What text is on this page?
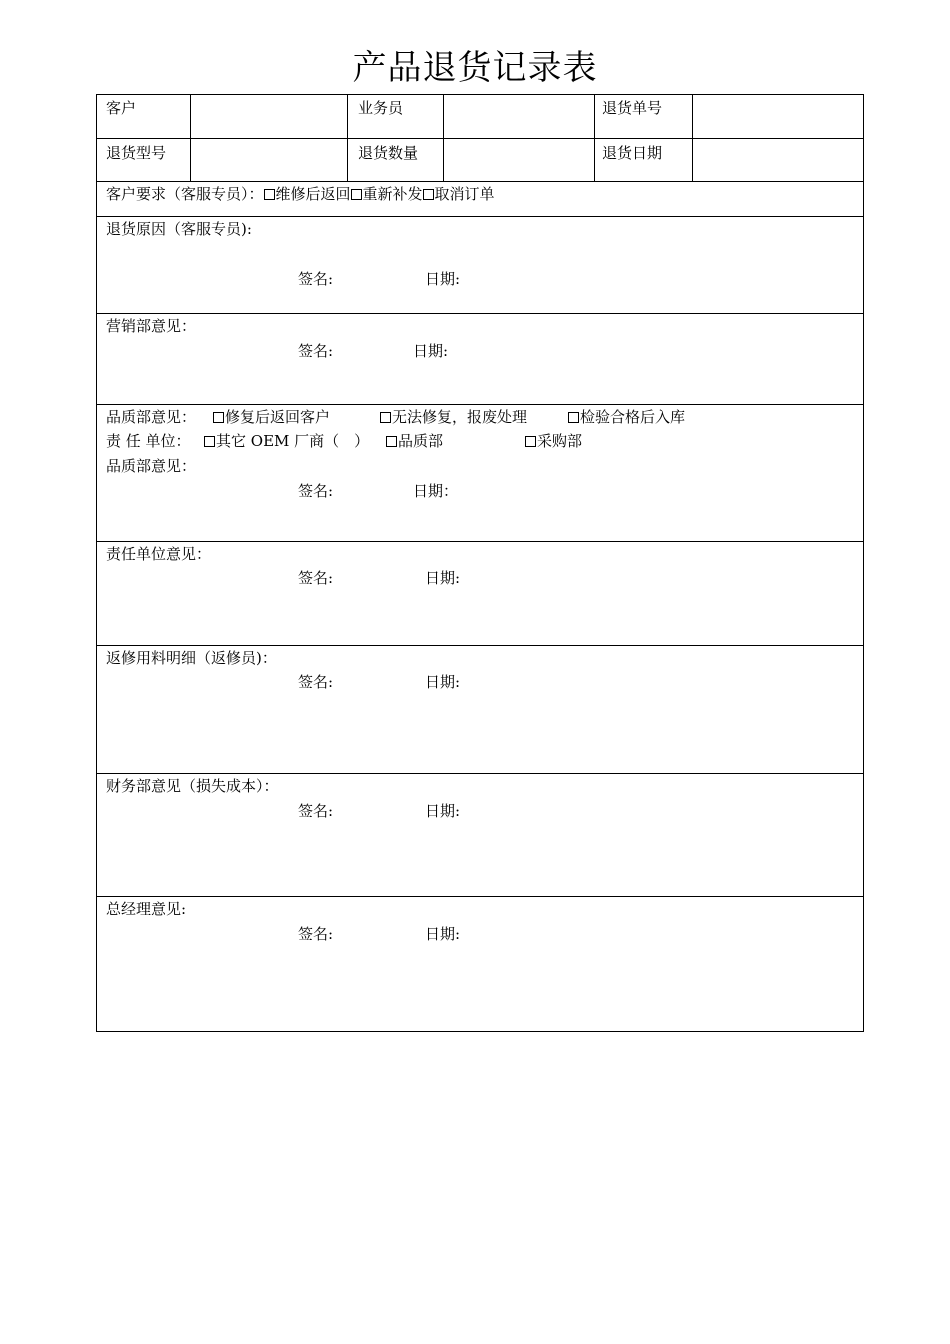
产品退货记录表
客户	业务员	退货单号
退货型号	退货数量	退货日期
客户要求（客服专员）： 维修后返回 重新补发 取消订单
退货原因（客服专员):
签名:	日期:
营销部意见：
签名:	日期:
品质部意见：	修复后返回客户	无法修复，报废处理	检验合格后入库
责 任 单位：	其它 OEM 厂商（　）	品质部	采购部
品质部意见：
签名:	日期：
责任单位意见：
签名:	日期:
返修用料明细（返修员)：
签名:	日期:
财务部意见（损失成本）：
签名:	日期:
总经理意见:
签名:	日期:
